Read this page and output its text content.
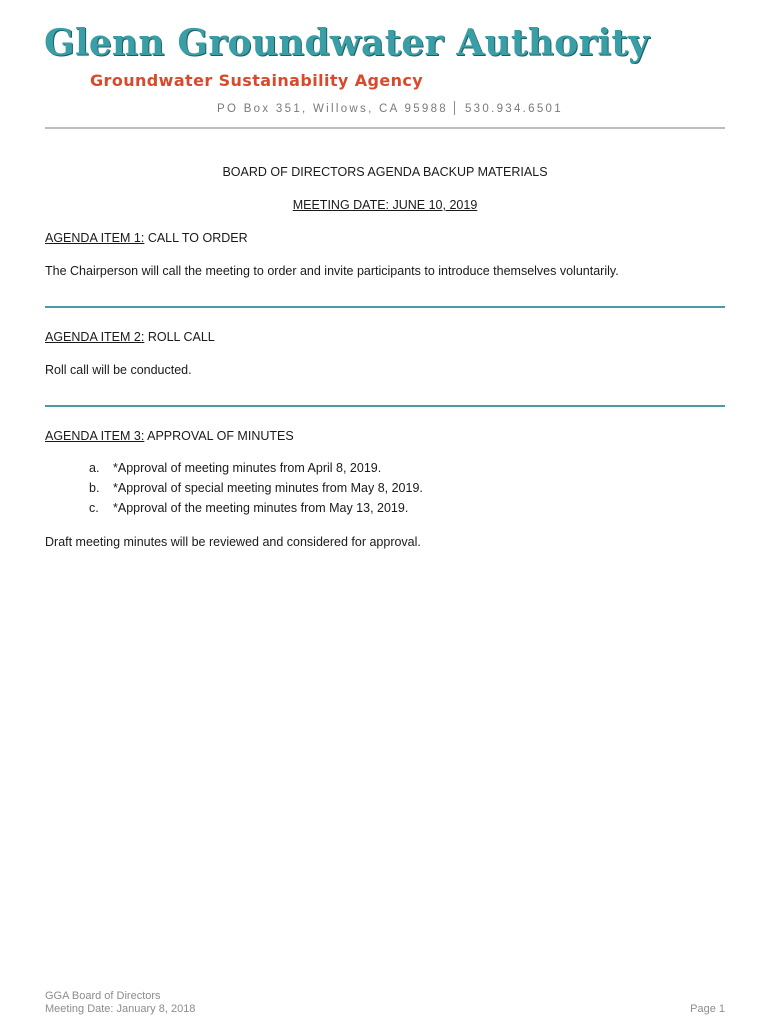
Glenn Groundwater Authority
Groundwater Sustainability Agency
PO Box 351, Willows, CA 95988 530.934.6501
BOARD OF DIRECTORS AGENDA BACKUP MATERIALS
MEETING DATE: JUNE 10, 2019
AGENDA ITEM 1: CALL TO ORDER
The Chairperson will call the meeting to order and invite participants to introduce themselves voluntarily.
AGENDA ITEM 2: ROLL CALL
Roll call will be conducted.
AGENDA ITEM 3: APPROVAL OF MINUTES
a. *Approval of meeting minutes from April 8, 2019.
b. *Approval of special meeting minutes from May 8, 2019.
c. *Approval of the meeting minutes from May 13, 2019.
Draft meeting minutes will be reviewed and considered for approval.
GGA Board of Directors
Meeting Date: January 8, 2018	Page 1
